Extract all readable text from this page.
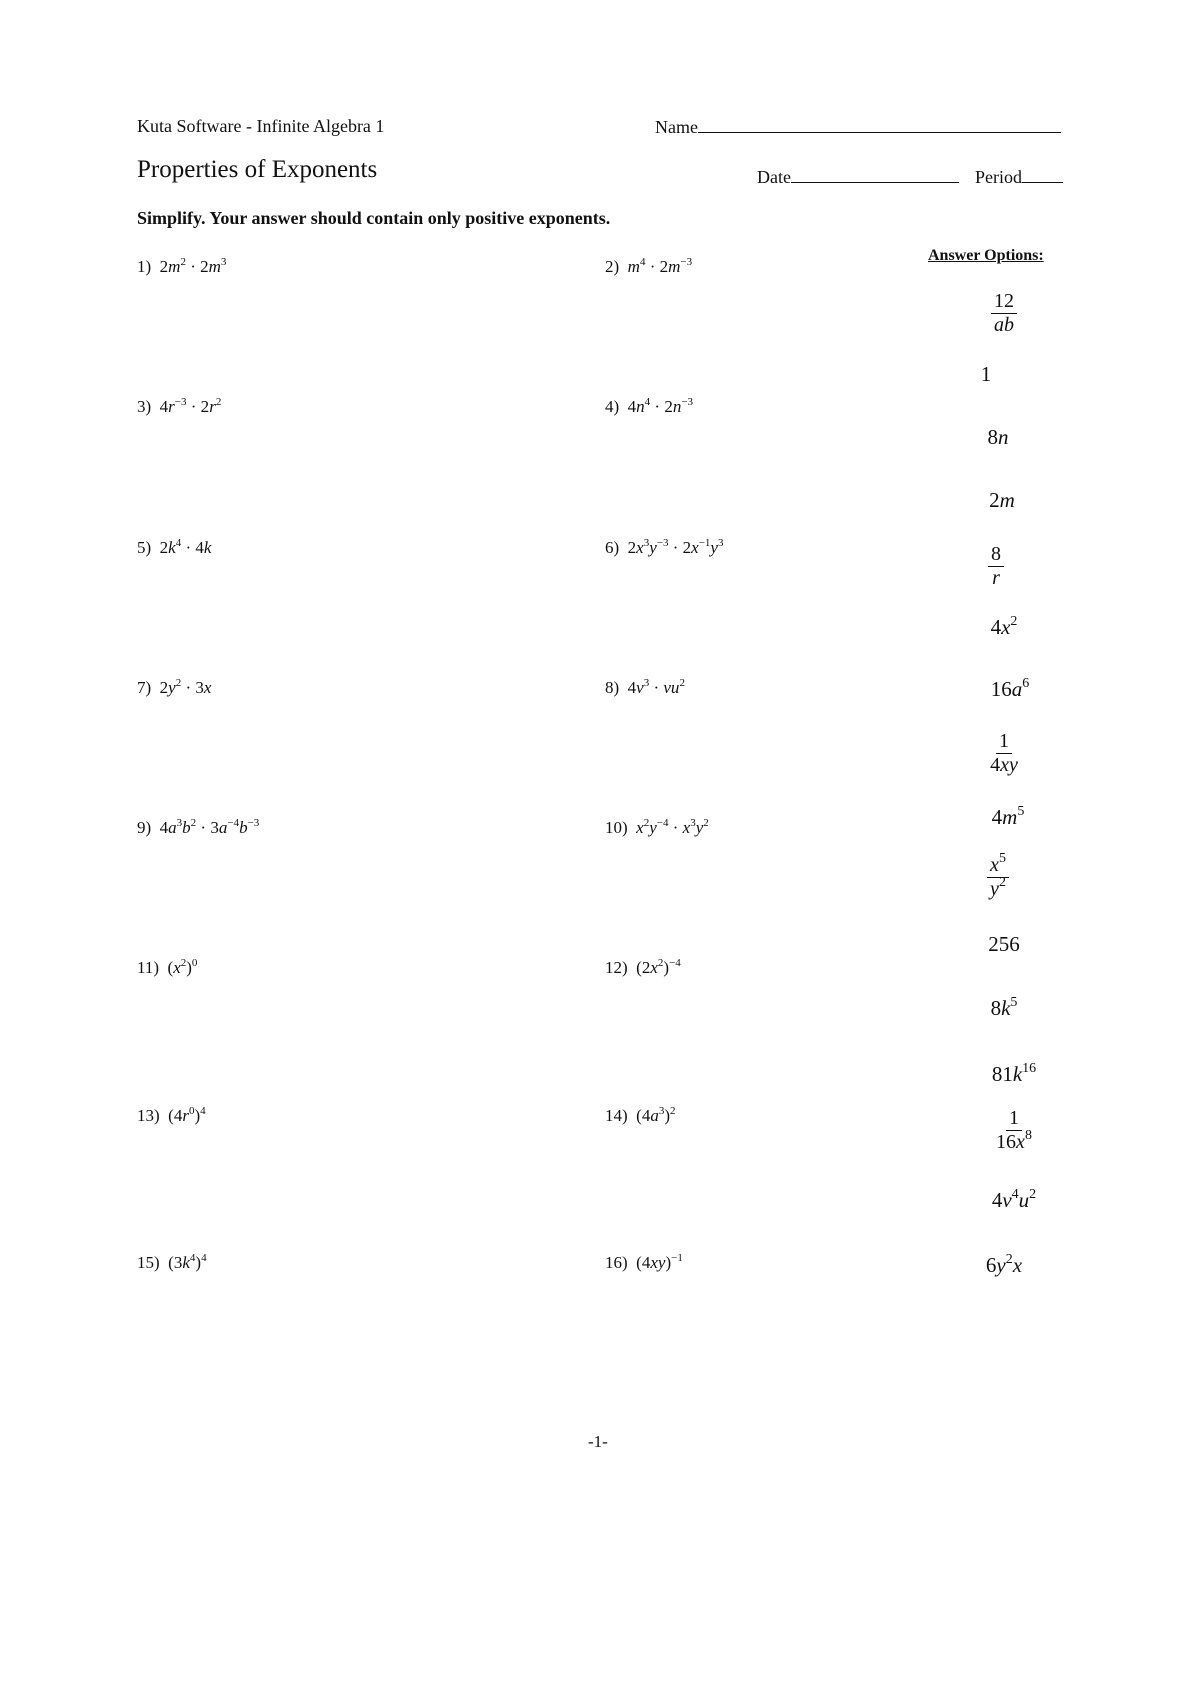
Kuta Software - Infinite Algebra 1	Name
Properties of Exponents	Date	Period
Simplify. Your answer should contain only positive exponents.
1)  $2m^2 \cdot 2m^3$	2) $m^4 \cdot 2m^{-3}$
3)  $4r^{-3} \cdot 2r^2$	4)  $4n^4 \cdot 2n^{-3}$
5)  $2k^4 \cdot 4k$	6)  $2x^3y^{-3} \cdot 2x^{-1}y^3$
7)  $2y^2 \cdot 3x$	8)  $4v^3 \cdot vu^2$
9)  $4a^3b^2 \cdot 3a^{-4}b^{-3}$	10) $x^2y^{-4} \cdot x^3y^2$
11)  $(x^2)^0$	12)  $(2x^2)^{-4}$
13)  $(4r^0)^4$	14)  $(4a^3)^2$
15)  $(3k^4)^4$	16)  $(4xy)^{-1}$
Answer Options:
$\frac{12}{ab}$
1
8n
2m
$\frac{8}{r}$
$4x^2$
$16a^6$
$\frac{1}{4xy}$
$4m^5$
$\frac{x^5}{y^2}$
256
$8k^5$
$81k^{16}$
$\frac{1}{16x^8}$
$4v^4u^2$
$6y^2x$
-1-
